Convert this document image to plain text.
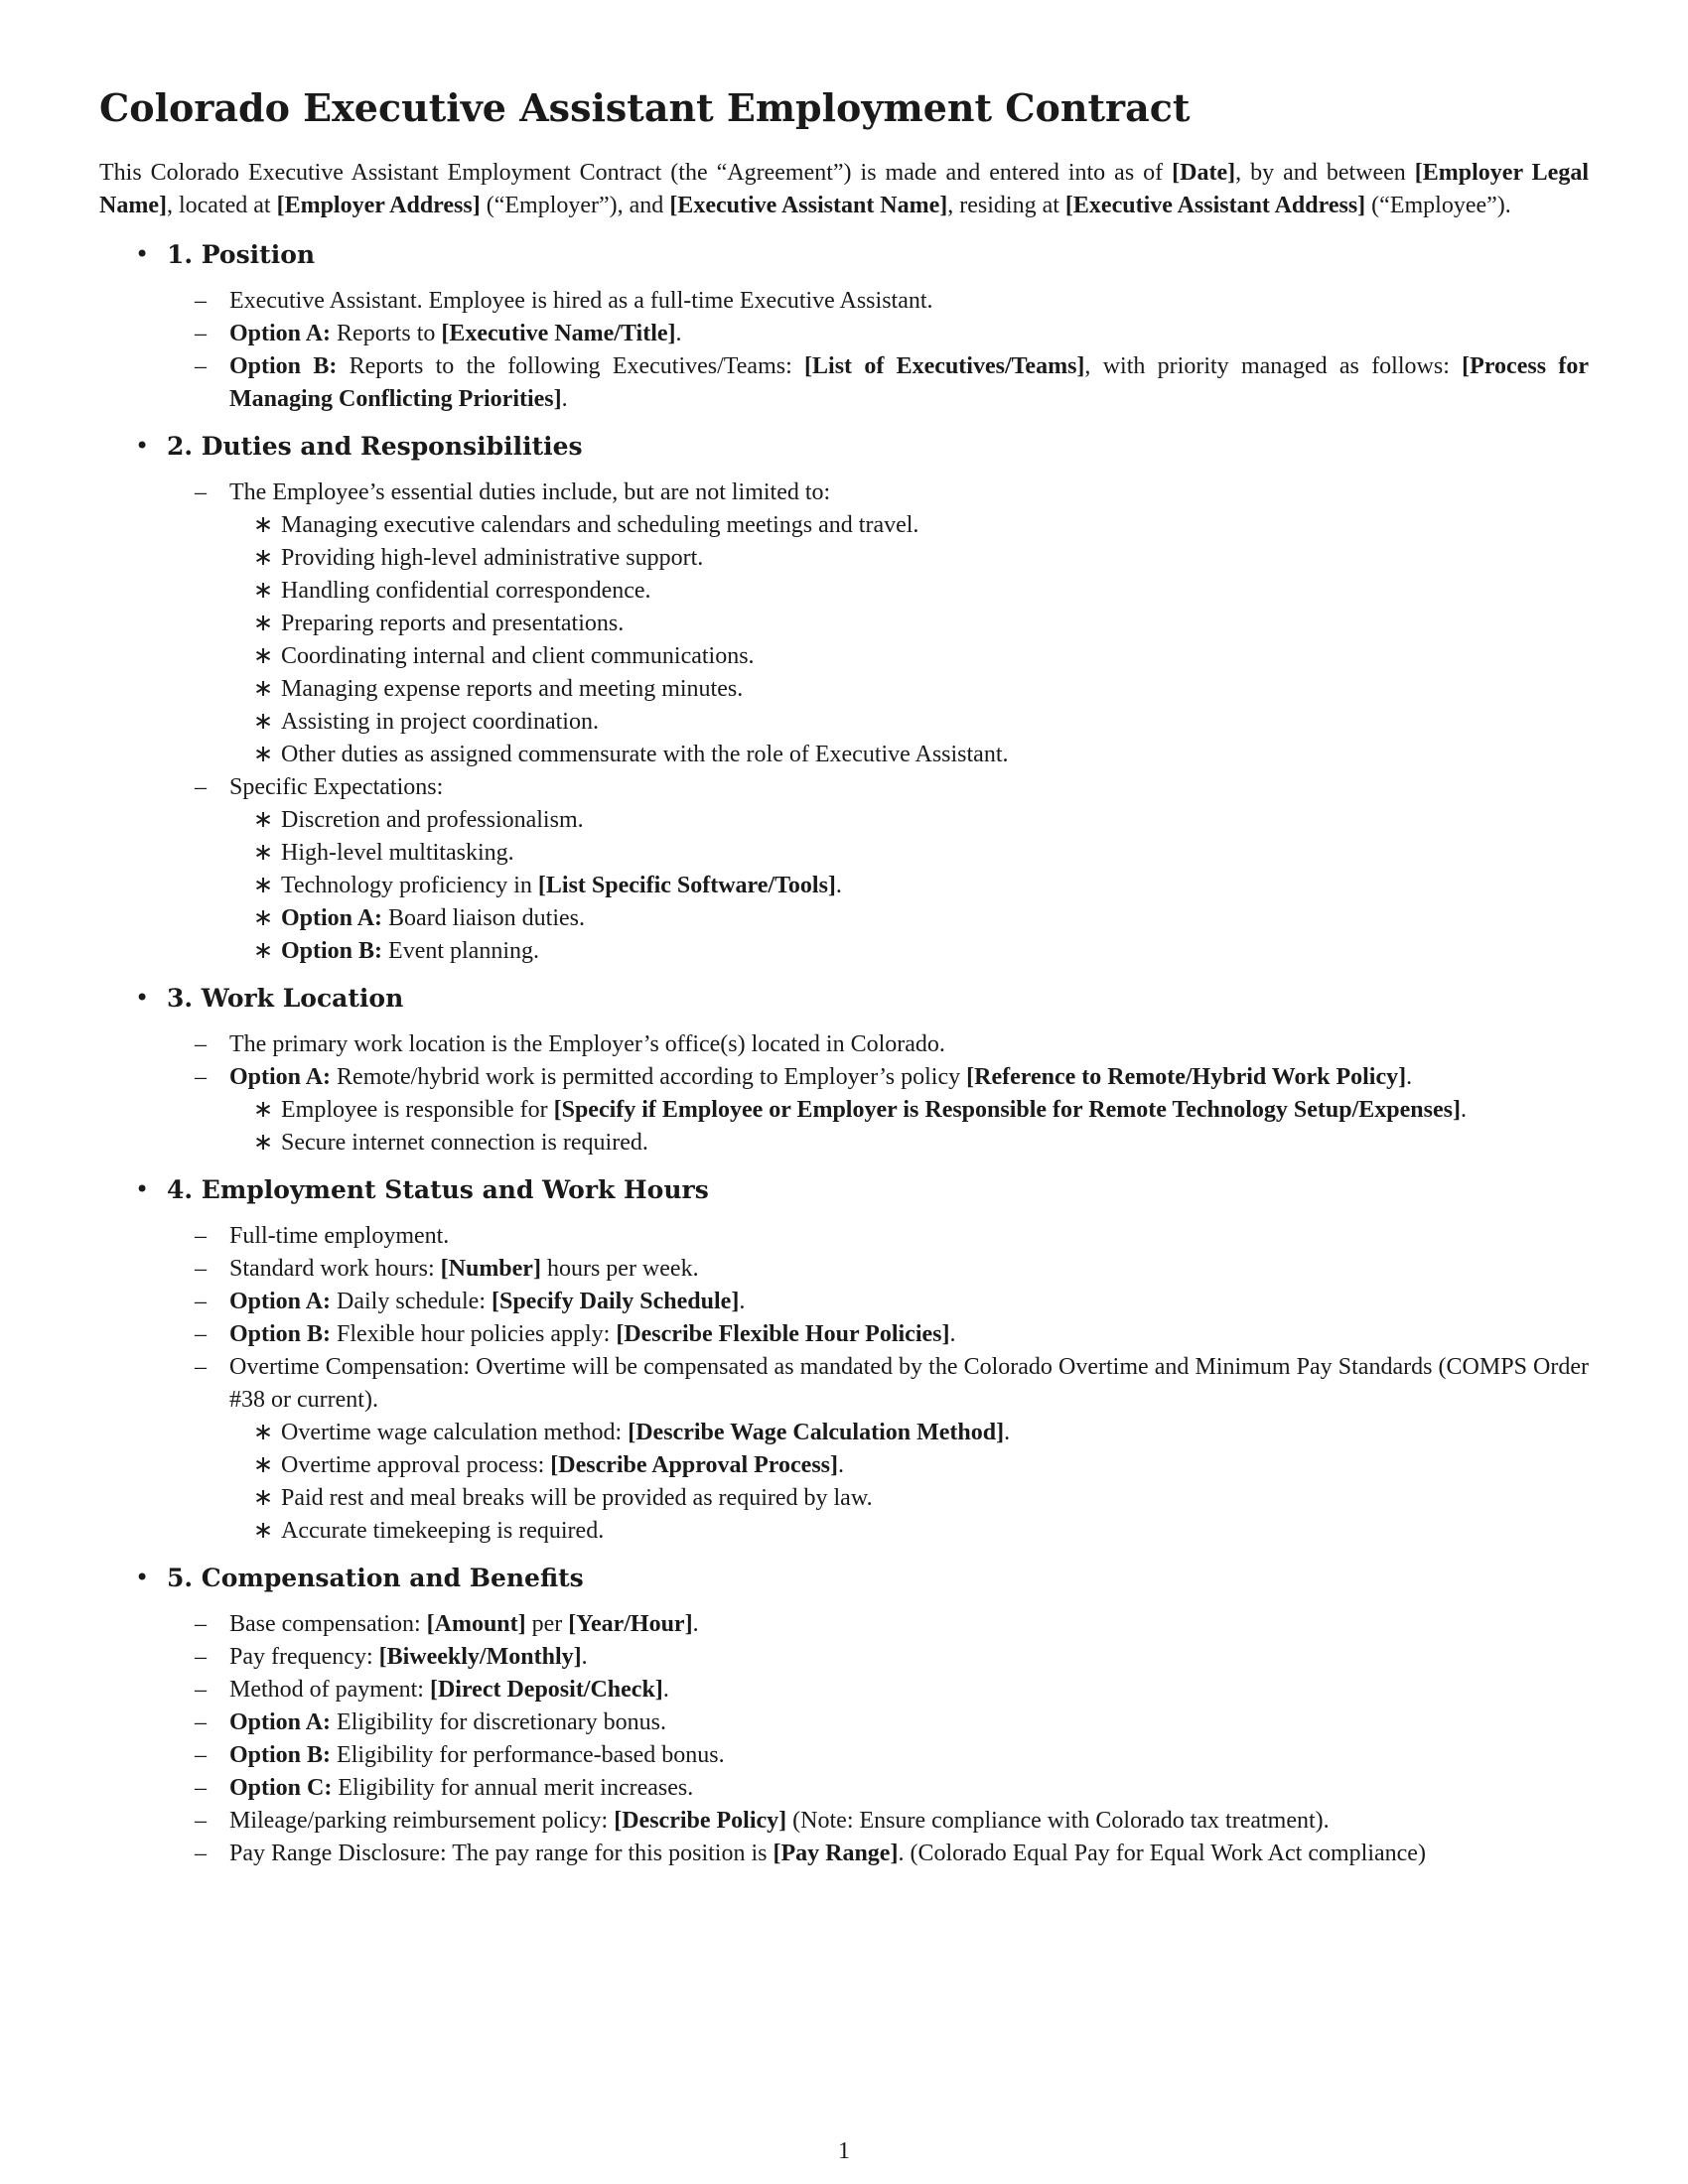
Colorado Executive Assistant Employment Contract

This Colorado Executive Assistant Employment Contract (the “Agreement”) is made and entered into as of [Date], by and between [Employer Legal Name], located at [Employer Address] (“Employer”), and [Executive Assistant Name], residing at [Executive Assistant Address] (“Employee”).

• 1. Position
– Executive Assistant. Employee is hired as a full-time Executive Assistant.
– Option A: Reports to [Executive Name/Title].
– Option B: Reports to the following Executives/Teams: [List of Executives/Teams], with priority managed as follows: [Process for Managing Conflicting Priorities].
• 2. Duties and Responsibilities
– The Employee’s essential duties include, but are not limited to:
∗ Managing executive calendars and scheduling meetings and travel.
∗ Providing high-level administrative support.
∗ Handling confidential correspondence.
∗ Preparing reports and presentations.
∗ Coordinating internal and client communications.
∗ Managing expense reports and meeting minutes.
∗ Assisting in project coordination.
∗ Other duties as assigned commensurate with the role of Executive Assistant.
– Specific Expectations:
∗ Discretion and professionalism.
∗ High-level multitasking.
∗ Technology proficiency in [List Specific Software/Tools].
∗ Option A: Board liaison duties.
∗ Option B: Event planning.
• 3. Work Location
– The primary work location is the Employer’s office(s) located in Colorado.
– Option A: Remote/hybrid work is permitted according to Employer’s policy [Reference to Remote/Hybrid Work Policy].
∗ Employee is responsible for [Specify if Employee or Employer is Responsible for Remote Technology Setup/Expenses].
∗ Secure internet connection is required.
• 4. Employment Status and Work Hours
– Full-time employment.
– Standard work hours: [Number] hours per week.
– Option A: Daily schedule: [Specify Daily Schedule].
– Option B: Flexible hour policies apply: [Describe Flexible Hour Policies].
– Overtime Compensation: Overtime will be compensated as mandated by the Colorado Overtime and Minimum Pay Standards (COMPS Order #38 or current).
∗ Overtime wage calculation method: [Describe Wage Calculation Method].
∗ Overtime approval process: [Describe Approval Process].
∗ Paid rest and meal breaks will be provided as required by law.
∗ Accurate timekeeping is required.
• 5. Compensation and Benefits
– Base compensation: [Amount] per [Year/Hour].
– Pay frequency: [Biweekly/Monthly].
– Method of payment: [Direct Deposit/Check].
– Option A: Eligibility for discretionary bonus.
– Option B: Eligibility for performance-based bonus.
– Option C: Eligibility for annual merit increases.
– Mileage/parking reimbursement policy: [Describe Policy] (Note: Ensure compliance with Colorado tax treatment).
– Pay Range Disclosure: The pay range for this position is [Pay Range]. (Colorado Equal Pay for Equal Work Act compliance)
1
